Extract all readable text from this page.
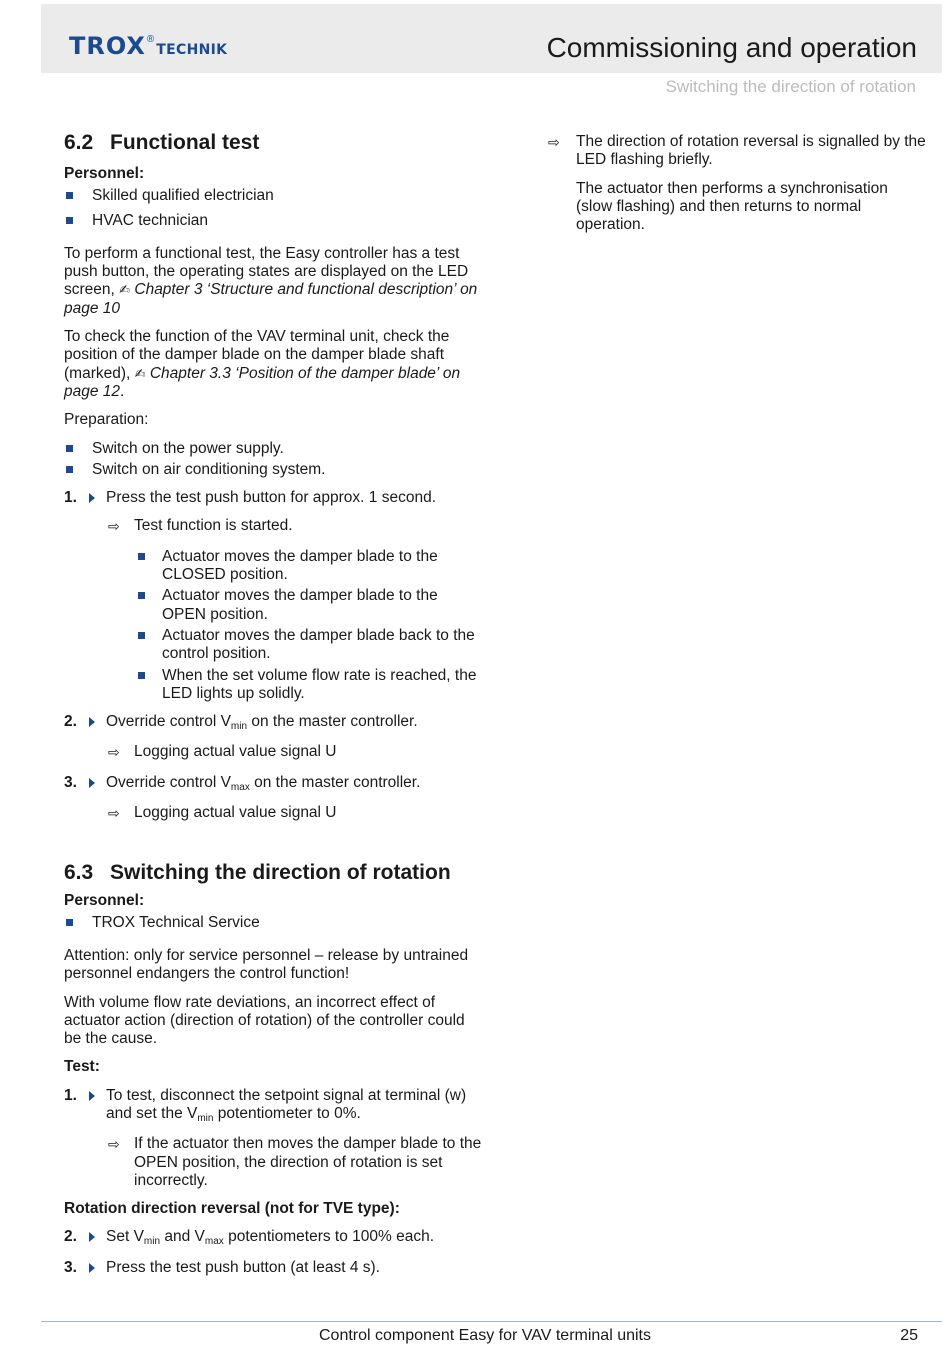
TROX ®
TECHNIK	Commissioning and operation
Switching the direction of rotation
6.2 Functional test

Personnel:

Skilled qualified electrician
HVAC technician

To perform a functional test, the Easy controller has a test push button, the operating states are displayed on the LED screen, ✍︎ Chapter 3 ‘Structure and functional description’ on page 10

To check the function of the VAV terminal unit, check the position of the damper blade on the damper blade shaft (marked), ✍︎ Chapter 3.3 ‘Position of the damper blade’ on page 12.

Preparation:

Switch on the power supply.
Switch on air conditioning system.
1. Press the test push button for approx. 1 second.
⇨ Test function is started.
Actuator moves the damper blade to the CLOSED position.
Actuator moves the damper blade to the OPEN position.
Actuator moves the damper blade back to the control position.
When the set volume flow rate is reached, the LED lights up solidly.
2. Override control $V_{min}$ on the master controller.
⇨ Logging actual value signal U
3. Override control $V_{max}$ on the master controller.
⇨ Logging actual value signal U
6.3 Switching the direction of rotation

Personnel:

TROX Technical Service

Attention: only for service personnel – release by untrained personnel endangers the control function!

With volume flow rate deviations, an incorrect effect of actuator action (direction of rotation) of the controller could be the cause.

Test:

1. To test, disconnect the setpoint signal at terminal (w) and set the $V_{min}$ potentiometer to 0%.
⇨ If the actuator then moves the damper blade to the OPEN position, the direction of rotation is set incorrectly.

Rotation direction reversal (not for TVE type):

2. Set $V_{min}$ and $V_{max}$ potentiometers to 100% each.
3. Press the test push button (at least 4 s).
⇨ The direction of rotation reversal is signalled by the LED flashing briefly.

The actuator then performs a synchronisation (slow flashing) and then returns to normal operation.

Control component Easy for VAV terminal units	25
